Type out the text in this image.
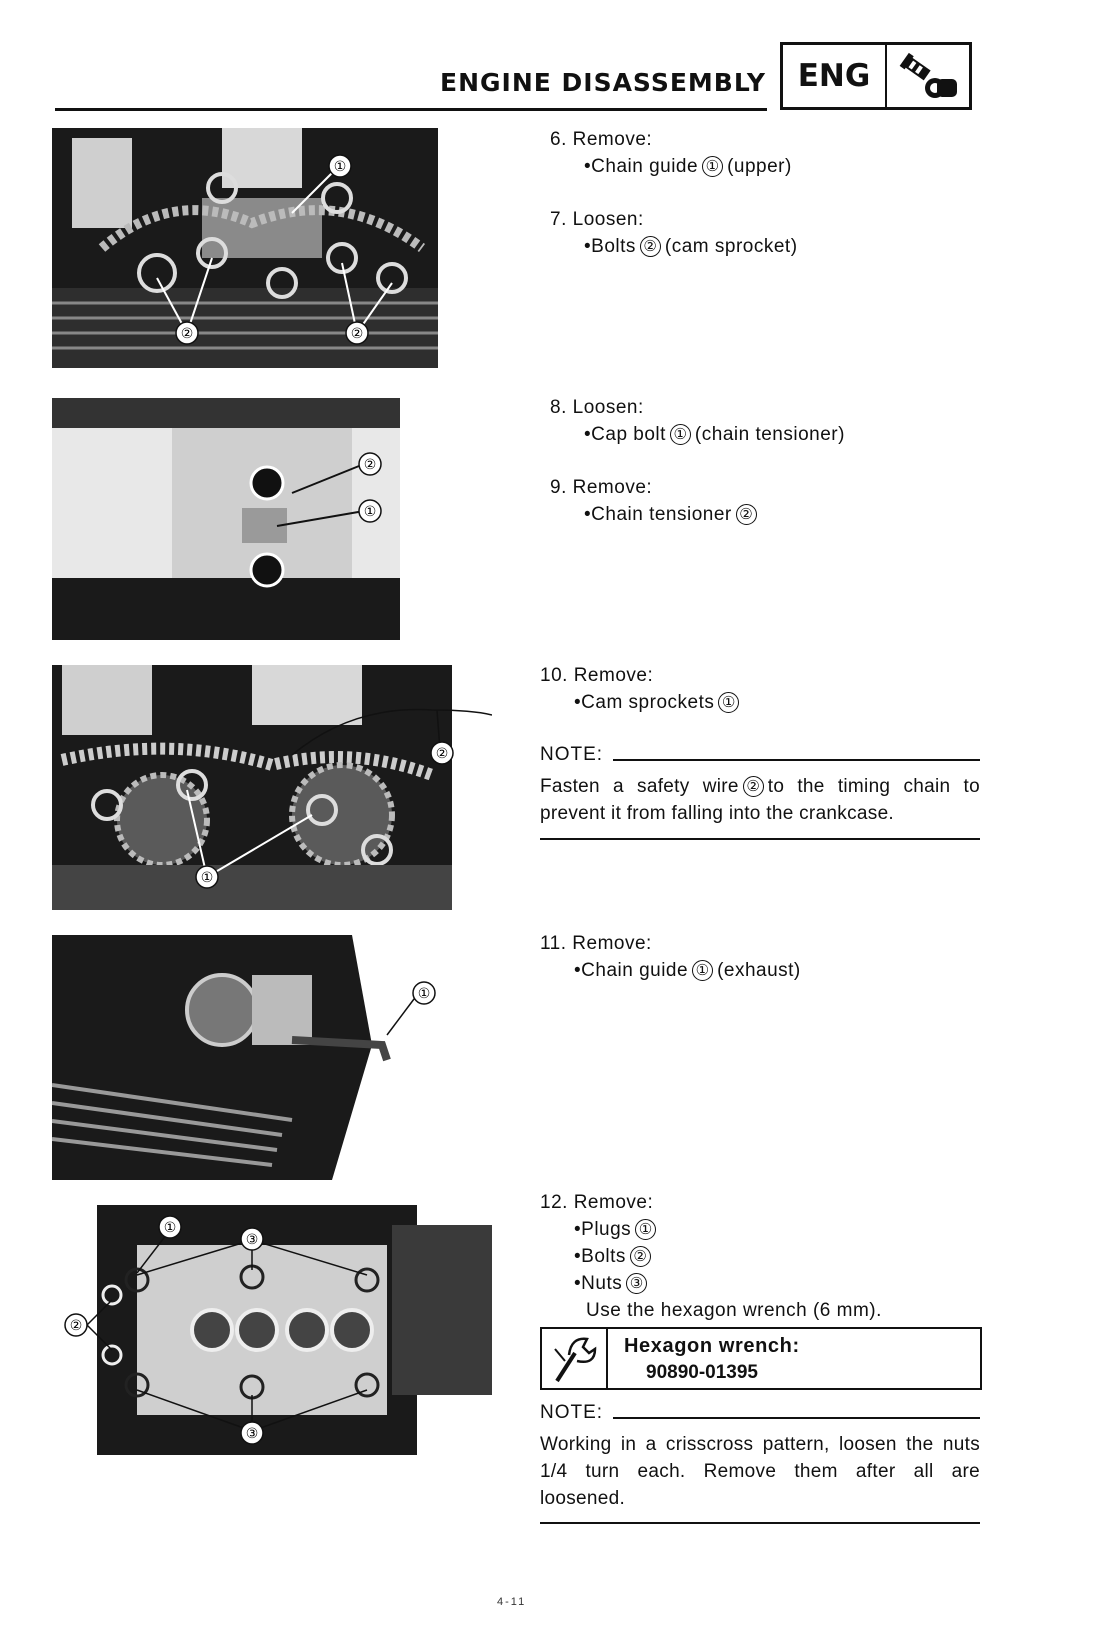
ENGINE DISASSEMBLY	ENG
①
②	②
②
①
②
①
①
①
③
②
③
6. Remove:
•Chain guide ① (upper)
7. Loosen:
•Bolts ② (cam sprocket)
8. Loosen:
•Cap bolt ① (chain tensioner)
9. Remove:
•Chain tensioner ②
10. Remove:
•Cam sprockets ①
NOTE:
Fasten a safety wire ② to the timing chain to prevent it from falling into the crankcase.
11. Remove:
•Chain guide ① (exhaust)
12. Remove:
•Plugs ①
•Bolts ②
•Nuts ③
Use the hexagon wrench (6 mm).
Hexagon wrench:
90890-01395
NOTE:
Working in a crisscross pattern, loosen the nuts 1/4 turn each. Remove them after all are loosened.
4-11
